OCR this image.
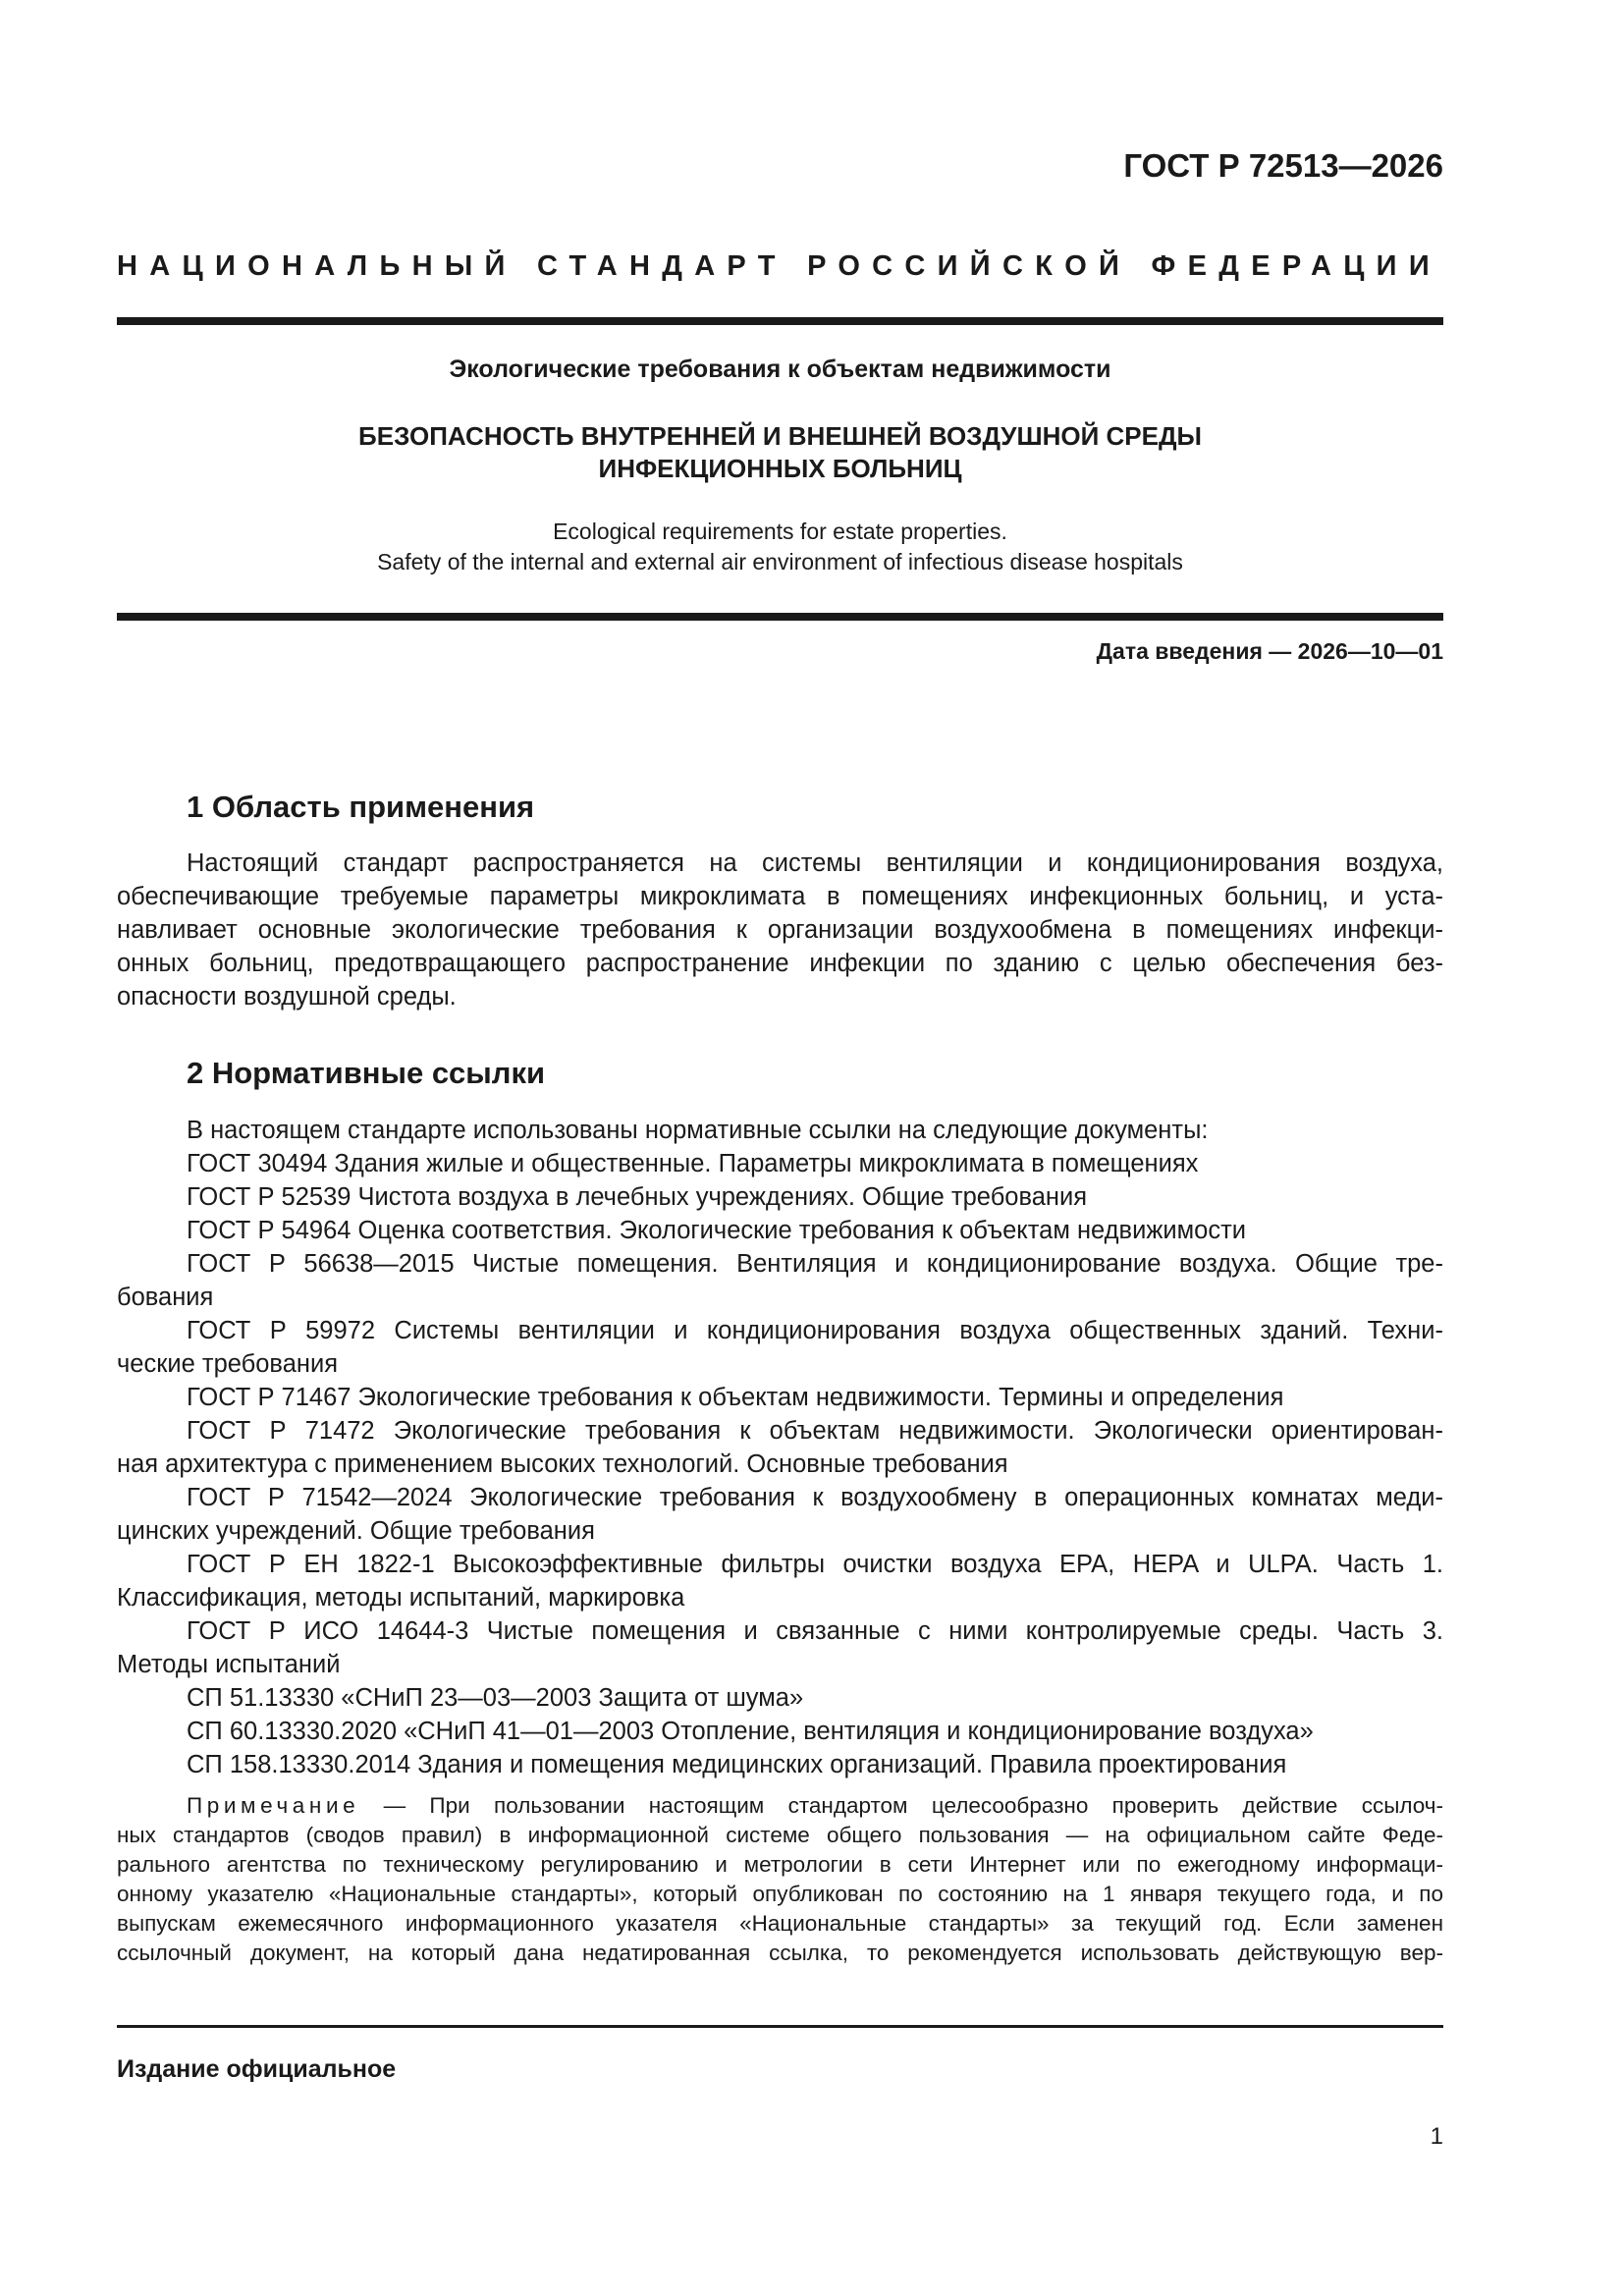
ГОСТ Р 72513—2026
НАЦИОНАЛЬНЫЙ СТАНДАРТ РОССИЙСКОЙ ФЕДЕРАЦИИ
Экологические требования к объектам недвижимости
БЕЗОПАСНОСТЬ ВНУТРЕННЕЙ И ВНЕШНЕЙ ВОЗДУШНОЙ СРЕДЫ
ИНФЕКЦИОННЫХ БОЛЬНИЦ
Ecological requirements for estate properties.
Safety of the internal and external air environment of infectious disease hospitals
Дата введения — 2026—10—01
1 Область применения
Настоящий стандарт распространяется на системы вентиляции и кондиционирования воздуха,
обеспечивающие требуемые параметры микроклимата в помещениях инфекционных больниц, и уста-
навливает основные экологические требования к организации воздухообмена в помещениях инфекци-
онных больниц, предотвращающего распространение инфекции по зданию с целью обеспечения без-
опасности воздушной среды.
2 Нормативные ссылки
В настоящем стандарте использованы нормативные ссылки на следующие документы:
ГОСТ 30494 Здания жилые и общественные. Параметры микроклимата в помещениях
ГОСТ Р 52539 Чистота воздуха в лечебных учреждениях. Общие требования
ГОСТ Р 54964 Оценка соответствия. Экологические требования к объектам недвижимости
ГОСТ Р 56638—2015 Чистые помещения. Вентиляция и кондиционирование воздуха. Общие тре-
бования
ГОСТ Р 59972 Системы вентиляции и кондиционирования воздуха общественных зданий. Техни-
ческие требования
ГОСТ Р 71467 Экологические требования к объектам недвижимости. Термины и определения
ГОСТ Р 71472 Экологические требования к объектам недвижимости. Экологически ориентирован-
ная архитектура с применением высоких технологий. Основные требования
ГОСТ Р 71542—2024 Экологические требования к воздухообмену в операционных комнатах меди-
цинских учреждений. Общие требования
ГОСТ Р ЕН 1822-1 Высокоэффективные фильтры очистки воздуха EPA, HEPA и ULPA. Часть 1.
Классификация, методы испытаний, маркировка
ГОСТ Р ИСО 14644-3 Чистые помещения и связанные с ними контролируемые среды. Часть 3.
Методы испытаний
СП 51.13330 «СНиП 23—03—2003 Защита от шума»
СП 60.13330.2020 «СНиП 41—01—2003 Отопление, вентиляция и кондиционирование воздуха»
СП 158.13330.2014 Здания и помещения медицинских организаций. Правила проектирования
Примечание — При пользовании настоящим стандартом целесообразно проверить действие ссылоч-
ных стандартов (сводов правил) в информационной системе общего пользования — на официальном сайте Феде-
рального агентства по техническому регулированию и метрологии в сети Интернет или по ежегодному информаци-
онному указателю «Национальные стандарты», который опубликован по состоянию на 1 января текущего года, и по
выпускам ежемесячного информационного указателя «Национальные стандарты» за текущий год. Если заменен
ссылочный документ, на который дана недатированная ссылка, то рекомендуется использовать действующую вер-
Издание официальное
1
